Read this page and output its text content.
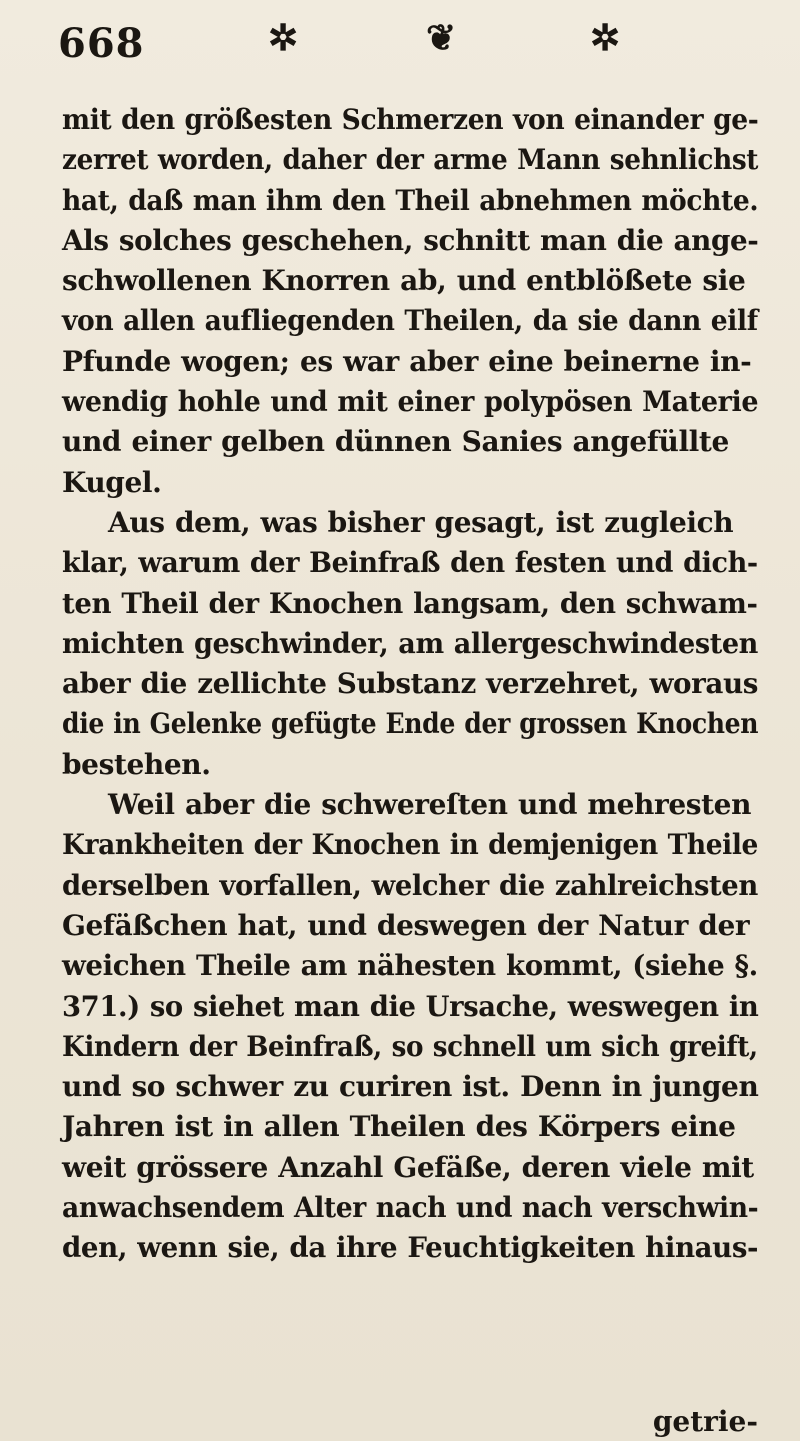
668	✲	❦	✲
mit den größesten Schmerzen von einander ge-
zerret worden, daher der arme Mann sehnlichst
hat, daß man ihm den Theil abnehmen möchte.
Als solches geschehen, schnitt man die ange-
schwollenen Knorren ab, und entblößete sie
von allen aufliegenden Theilen, da sie dann eilf
Pfunde wogen; es war aber eine beinerne in-
wendig hohle und mit einer polypösen Materie
und einer gelben dünnen Sanies angefüllte
Kugel.
Aus dem, was bisher gesagt, ist zugleich
klar, warum der Beinfraß den festen und dich-
ten Theil der Knochen langsam, den schwam-
michten geschwinder, am allergeschwindesten
aber die zellichte Substanz verzehret, woraus
die in Gelenke gefügte Ende der grossen Knochen
bestehen.
Weil aber die schwereſten und mehresten
Krankheiten der Knochen in demjenigen Theile
derselben vorfallen, welcher die zahlreichsten
Gefäßchen hat, und deswegen der Natur der
weichen Theile am nähesten kommt, (siehe §.
371.) so siehet man die Ursache, weswegen in
Kindern der Beinfraß, so schnell um sich greift,
und so schwer zu curiren ist. Denn in jungen
Jahren ist in allen Theilen des Körpers eine
weit grössere Anzahl Gefäße, deren viele mit
anwachsendem Alter nach und nach verschwin-
den, wenn sie, da ihre Feuchtigkeiten hinaus-
getrie-
